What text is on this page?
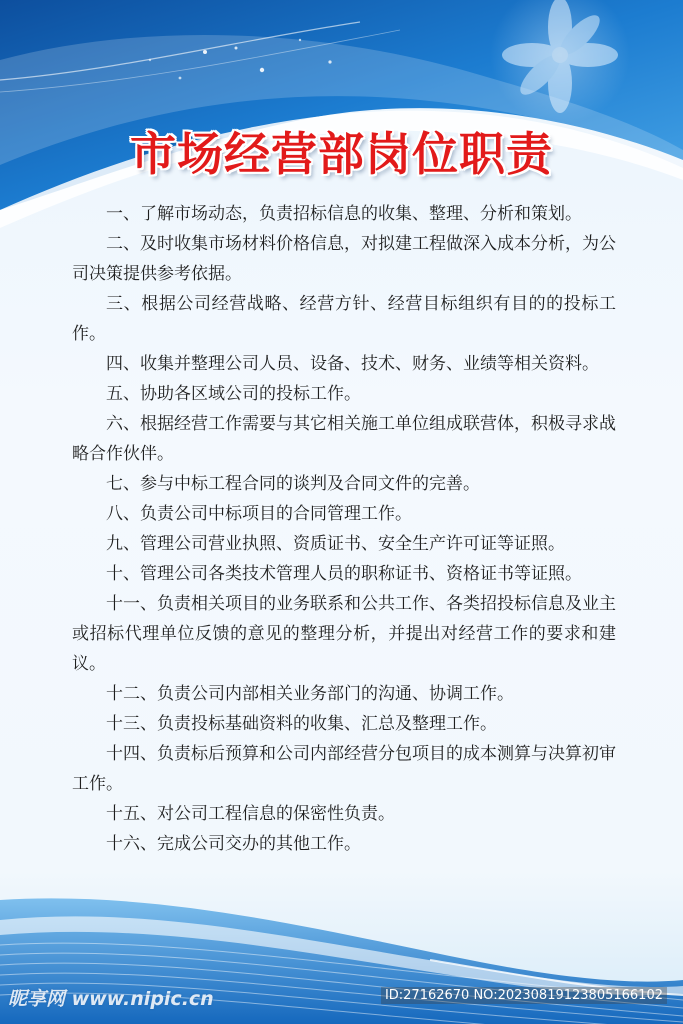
市场经营部岗位职责
一、了解市场动态，负责招标信息的收集、整理、分析和策划。
二、及时收集市场材料价格信息，对拟建工程做深入成本分析，为公司决策提供参考依据。
三、根据公司经营战略、经营方针、经营目标组织有目的的投标工作。
四、收集并整理公司人员、设备、技术、财务、业绩等相关资料。
五、协助各区域公司的投标工作。
六、根据经营工作需要与其它相关施工单位组成联营体，积极寻求战略合作伙伴。
七、参与中标工程合同的谈判及合同文件的完善。
八、负责公司中标项目的合同管理工作。
九、管理公司营业执照、资质证书、安全生产许可证等证照。
十、管理公司各类技术管理人员的职称证书、资格证书等证照。
十一、负责相关项目的业务联系和公共工作、各类招投标信息及业主或招标代理单位反馈的意见的整理分析，并提出对经营工作的要求和建议。
十二、负责公司内部相关业务部门的沟通、协调工作。
十三、负责投标基础资料的收集、汇总及整理工作。
十四、负责标后预算和公司内部经营分包项目的成本测算与决算初审工作。
十五、对公司工程信息的保密性负责。
十六、完成公司交办的其他工作。
昵享网 www.nipic.cn	ID:27162670 NO:20230819123805166102
